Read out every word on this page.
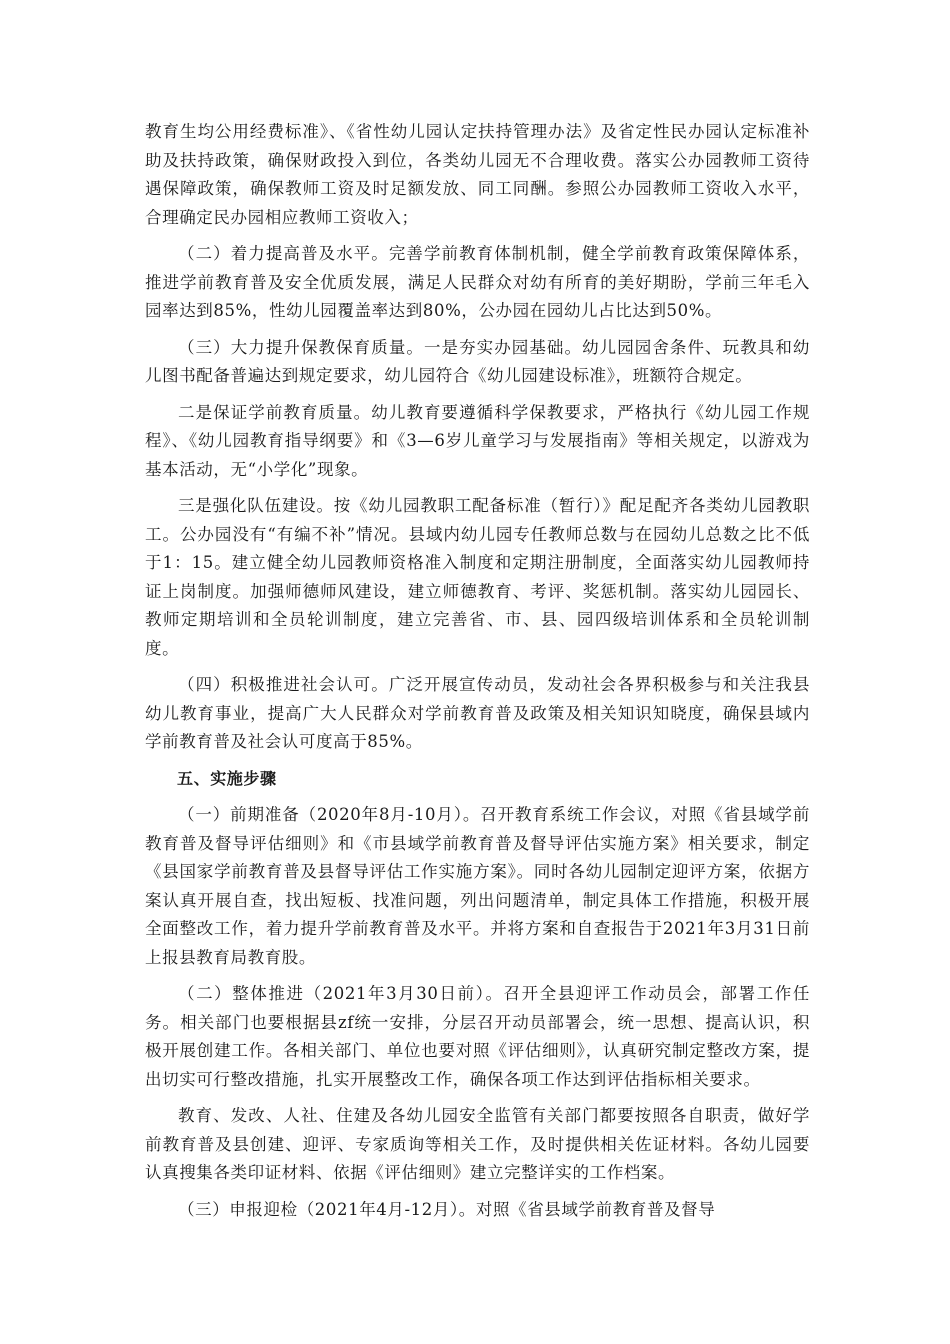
教育生均公用经费标准》、《省性幼儿园认定扶持管理办法》及省定性民办园认定标准补助及扶持政策，确保财政投入到位，各类幼儿园无不合理收费。落实公办园教师工资待遇保障政策，确保教师工资及时足额发放、同工同酬。参照公办园教师工资收入水平，合理确定民办园相应教师工资收入；

（二）着力提高普及水平。完善学前教育体制机制，健全学前教育政策保障体系，推进学前教育普及安全优质发展，满足人民群众对幼有所育的美好期盼，学前三年毛入园率达到85%，性幼儿园覆盖率达到80%，公办园在园幼儿占比达到50%。

（三）大力提升保教保育质量。一是夯实办园基础。幼儿园园舍条件、玩教具和幼儿图书配备普遍达到规定要求，幼儿园符合《幼儿园建设标准》，班额符合规定。

二是保证学前教育质量。幼儿教育要遵循科学保教要求，严格执行《幼儿园工作规程》、《幼儿园教育指导纲要》和《3—6岁儿童学习与发展指南》等相关规定，以游戏为基本活动，无“小学化”现象。

三是强化队伍建设。按《幼儿园教职工配备标准（暂行）》配足配齐各类幼儿园教职工。公办园没有“有编不补”情况。县域内幼儿园专任教师总数与在园幼儿总数之比不低于1：15。建立健全幼儿园教师资格准入制度和定期注册制度，全面落实幼儿园教师持证上岗制度。加强师德师风建设，建立师德教育、考评、奖惩机制。落实幼儿园园长、教师定期培训和全员轮训制度，建立完善省、市、县、园四级培训体系和全员轮训制度。

（四）积极推进社会认可。广泛开展宣传动员，发动社会各界积极参与和关注我县幼儿教育事业，提高广大人民群众对学前教育普及政策及相关知识知晓度，确保县域内学前教育普及社会认可度高于85%。

五、实施步骤

（一）前期准备（2020年8月-10月）。召开教育系统工作会议，对照《省县域学前教育普及督导评估细则》和《市县域学前教育普及督导评估实施方案》相关要求，制定《县国家学前教育普及县督导评估工作实施方案》。同时各幼儿园制定迎评方案，依据方案认真开展自查，找出短板、找准问题，列出问题清单，制定具体工作措施，积极开展全面整改工作，着力提升学前教育普及水平。并将方案和自查报告于2021年3月31日前上报县教育局教育股。

（二）整体推进（2021年3月30日前）。召开全县迎评工作动员会，部署工作任务。相关部门也要根据县zf统一安排，分层召开动员部署会，统一思想、提高认识，积极开展创建工作。各相关部门、单位也要对照《评估细则》，认真研究制定整改方案，提出切实可行整改措施，扎实开展整改工作，确保各项工作达到评估指标相关要求。

教育、发改、人社、住建及各幼儿园安全监管有关部门都要按照各自职责，做好学前教育普及县创建、迎评、专家质询等相关工作，及时提供相关佐证材料。各幼儿园要认真搜集各类印证材料、依据《评估细则》建立完整详实的工作档案。

（三）申报迎检（2021年4月-12月）。对照《省县域学前教育普及督导
